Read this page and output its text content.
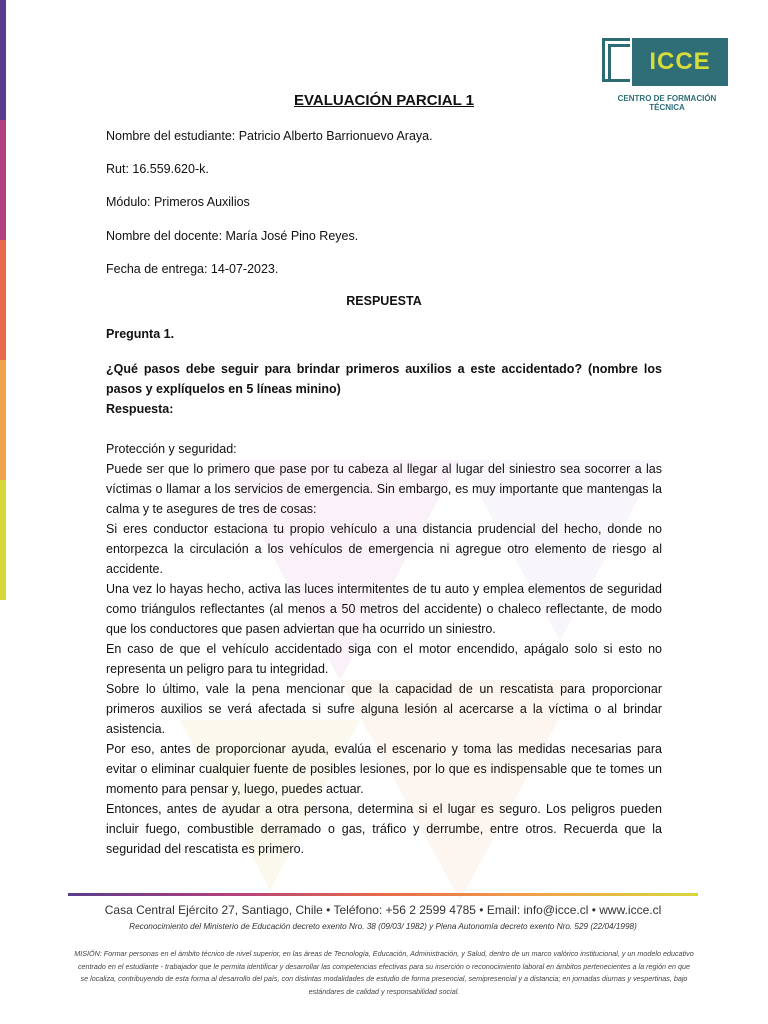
ICCE
CENTRO DE FORMACIÓN TÉCNICA
EVALUACIÓN PARCIAL 1
Nombre del estudiante: Patricio Alberto Barrionuevo Araya.
Rut: 16.559.620-k.
Módulo: Primeros Auxilios
Nombre del docente: María José Pino Reyes.
Fecha de entrega: 14-07-2023.
RESPUESTA
Pregunta 1.

¿Qué pasos debe seguir para brindar primeros auxilios a este accidentado? (nombre los pasos y explíquelos en 5 líneas minino)

Respuesta:

Protección y seguridad:

Puede ser que lo primero que pase por tu cabeza al llegar al lugar del siniestro sea socorrer a las víctimas o llamar a los servicios de emergencia. Sin embargo, es muy importante que mantengas la calma y te asegures de tres de cosas:

Si eres conductor estaciona tu propio vehículo a una distancia prudencial del hecho, donde no entorpezca la circulación a los vehículos de emergencia ni agregue otro elemento de riesgo al accidente.

Una vez lo hayas hecho, activa las luces intermitentes de tu auto y emplea elementos de seguridad como triángulos reflectantes (al menos a 50 metros del accidente) o chaleco reflectante, de modo que los conductores que pasen adviertan que ha ocurrido un siniestro.

En caso de que el vehículo accidentado siga con el motor encendido, apágalo solo si esto no representa un peligro para tu integridad.

Sobre lo último, vale la pena mencionar que la capacidad de un rescatista para proporcionar primeros auxilios se verá afectada si sufre alguna lesión al acercarse a la víctima o al brindar asistencia.

Por eso, antes de proporcionar ayuda, evalúa el escenario y toma las medidas necesarias para evitar o eliminar cualquier fuente de posibles lesiones, por lo que es indispensable que te tomes un momento para pensar y, luego, puedes actuar.

Entonces, antes de ayudar a otra persona, determina si el lugar es seguro. Los peligros pueden incluir fuego, combustible derramado o gas, tráfico y derrumbe, entre otros. Recuerda que la seguridad del rescatista es primero.

Casa Central Ejército 27, Santiago, Chile • Teléfono: +56 2 2599 4785 • Email: info@icce.cl • www.icce.cl
Reconocimiento del Ministerio de Educación decreto exento Nro. 38 (09/03/ 1982) y Plena Autonomía decreto exento Nro. 529 (22/04/1998)
MISIÓN: Formar personas en el ámbito técnico de nivel superior, en las áreas de Tecnología, Educación, Administración, y Salud, dentro de un marco valórico institucional, y un modelo educativo centrado en el estudiante - trabajador que le permita identificar y desarrollar las competencias efectivas para su inserción o reconocimiento laboral en ámbitos pertenecientes a la región en que se localiza, contribuyendo de esta forma al desarrollo del país, con distintas modalidades de estudio de forma presencial, semipresencial y a distancia; en jornadas diurnas y vespertinas, bajo estándares de calidad y responsabilidad social.
